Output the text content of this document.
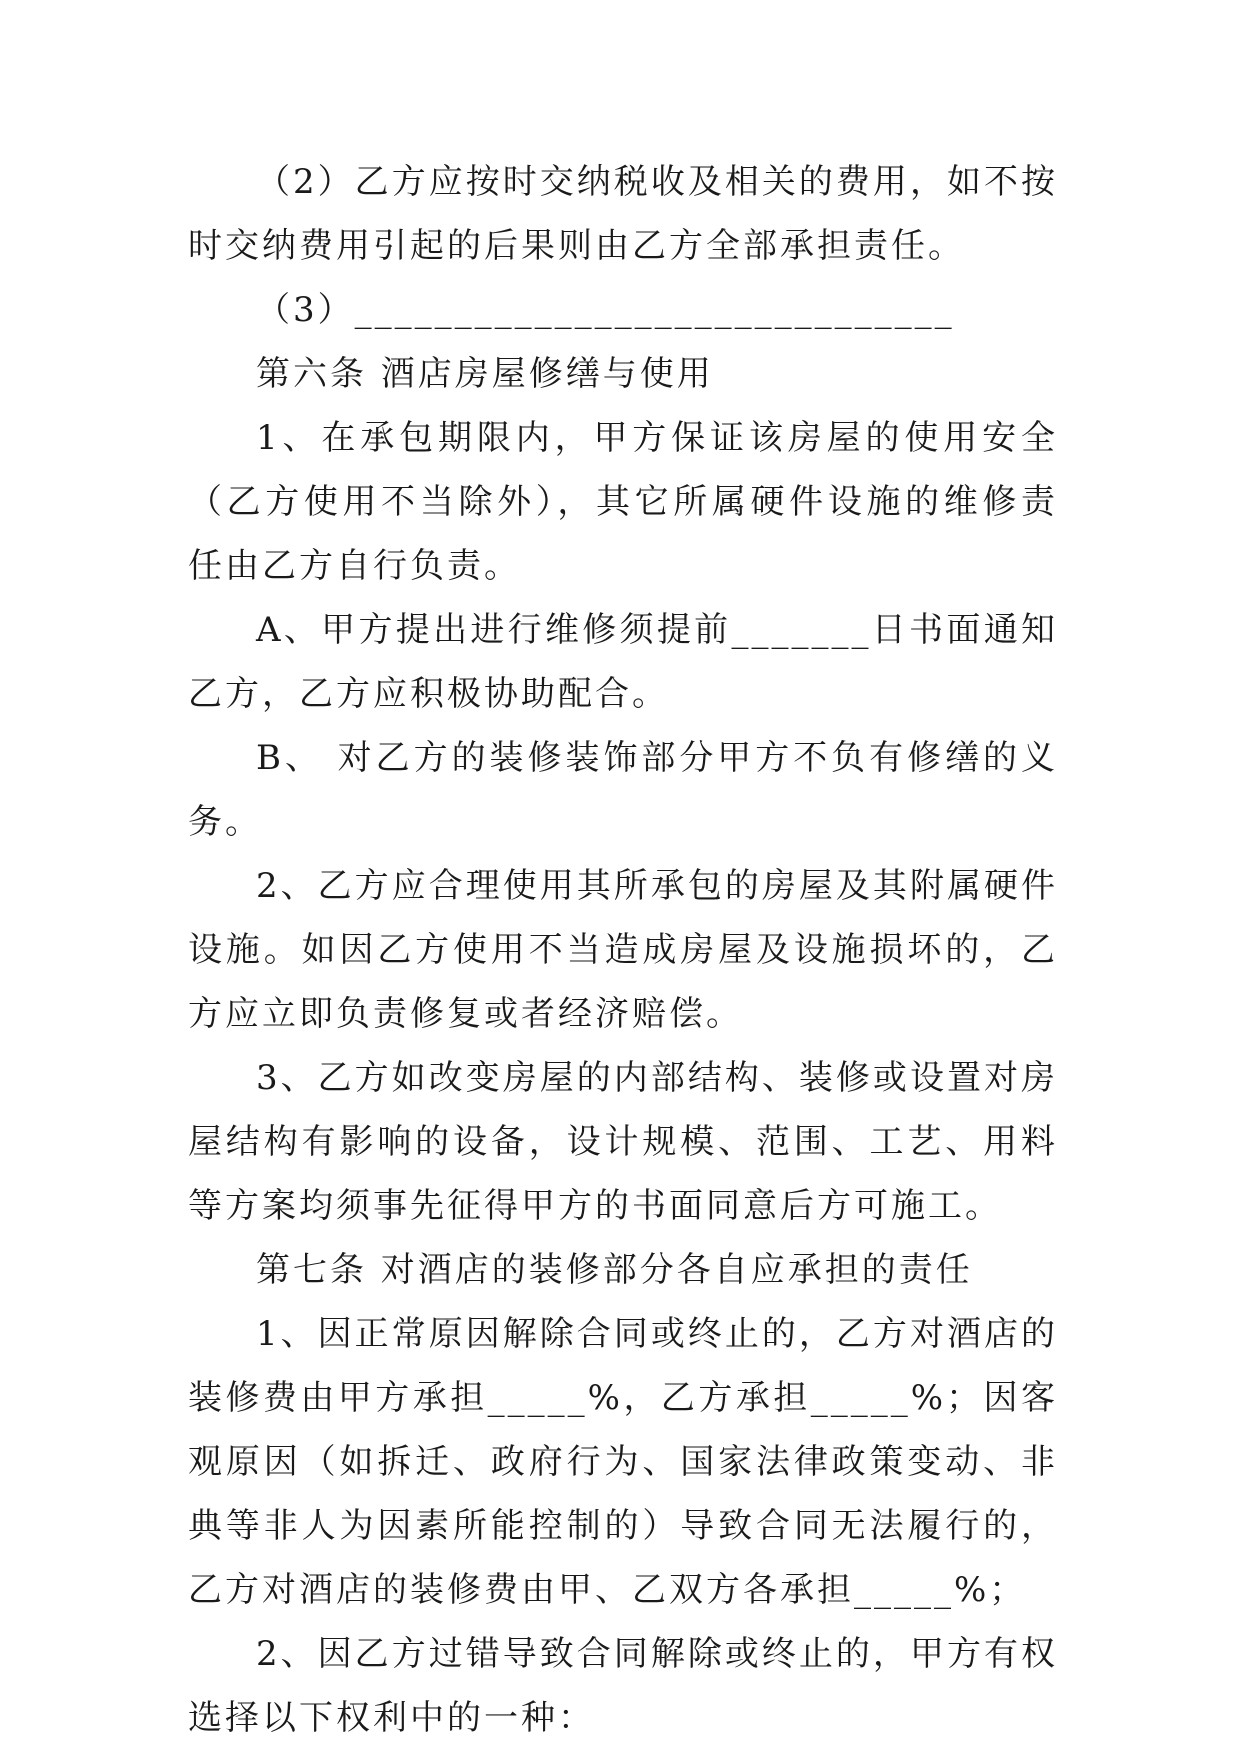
（2）乙方应按时交纳税收及相关的费用，如不按时交纳费用引起的后果则由乙方全部承担责任。

（3）______________________________

第六条 酒店房屋修缮与使用

1、在承包期限内，甲方保证该房屋的使用安全（乙方使用不当除外），其它所属硬件设施的维修责任由乙方自行负责。

A、甲方提出进行维修须提前_______日书面通知乙方，乙方应积极协助配合。

B、 对乙方的装修装饰部分甲方不负有修缮的义务。

2、乙方应合理使用其所承包的房屋及其附属硬件设施。如因乙方使用不当造成房屋及设施损坏的，乙方应立即负责修复或者经济赔偿。

3、乙方如改变房屋的内部结构、装修或设置对房屋结构有影响的设备，设计规模、范围、工艺、用料等方案均须事先征得甲方的书面同意后方可施工。

第七条 对酒店的装修部分各自应承担的责任

1、因正常原因解除合同或终止的，乙方对酒店的装修费由甲方承担_____%，乙方承担_____%；因客观原因（如拆迁、政府行为、国家法律政策变动、非典等非人为因素所能控制的）导致合同无法履行的，乙方对酒店的装修费由甲、乙双方各承担_____%；

2、因乙方过错导致合同解除或终止的，甲方有权选择以下权利中的一种：
